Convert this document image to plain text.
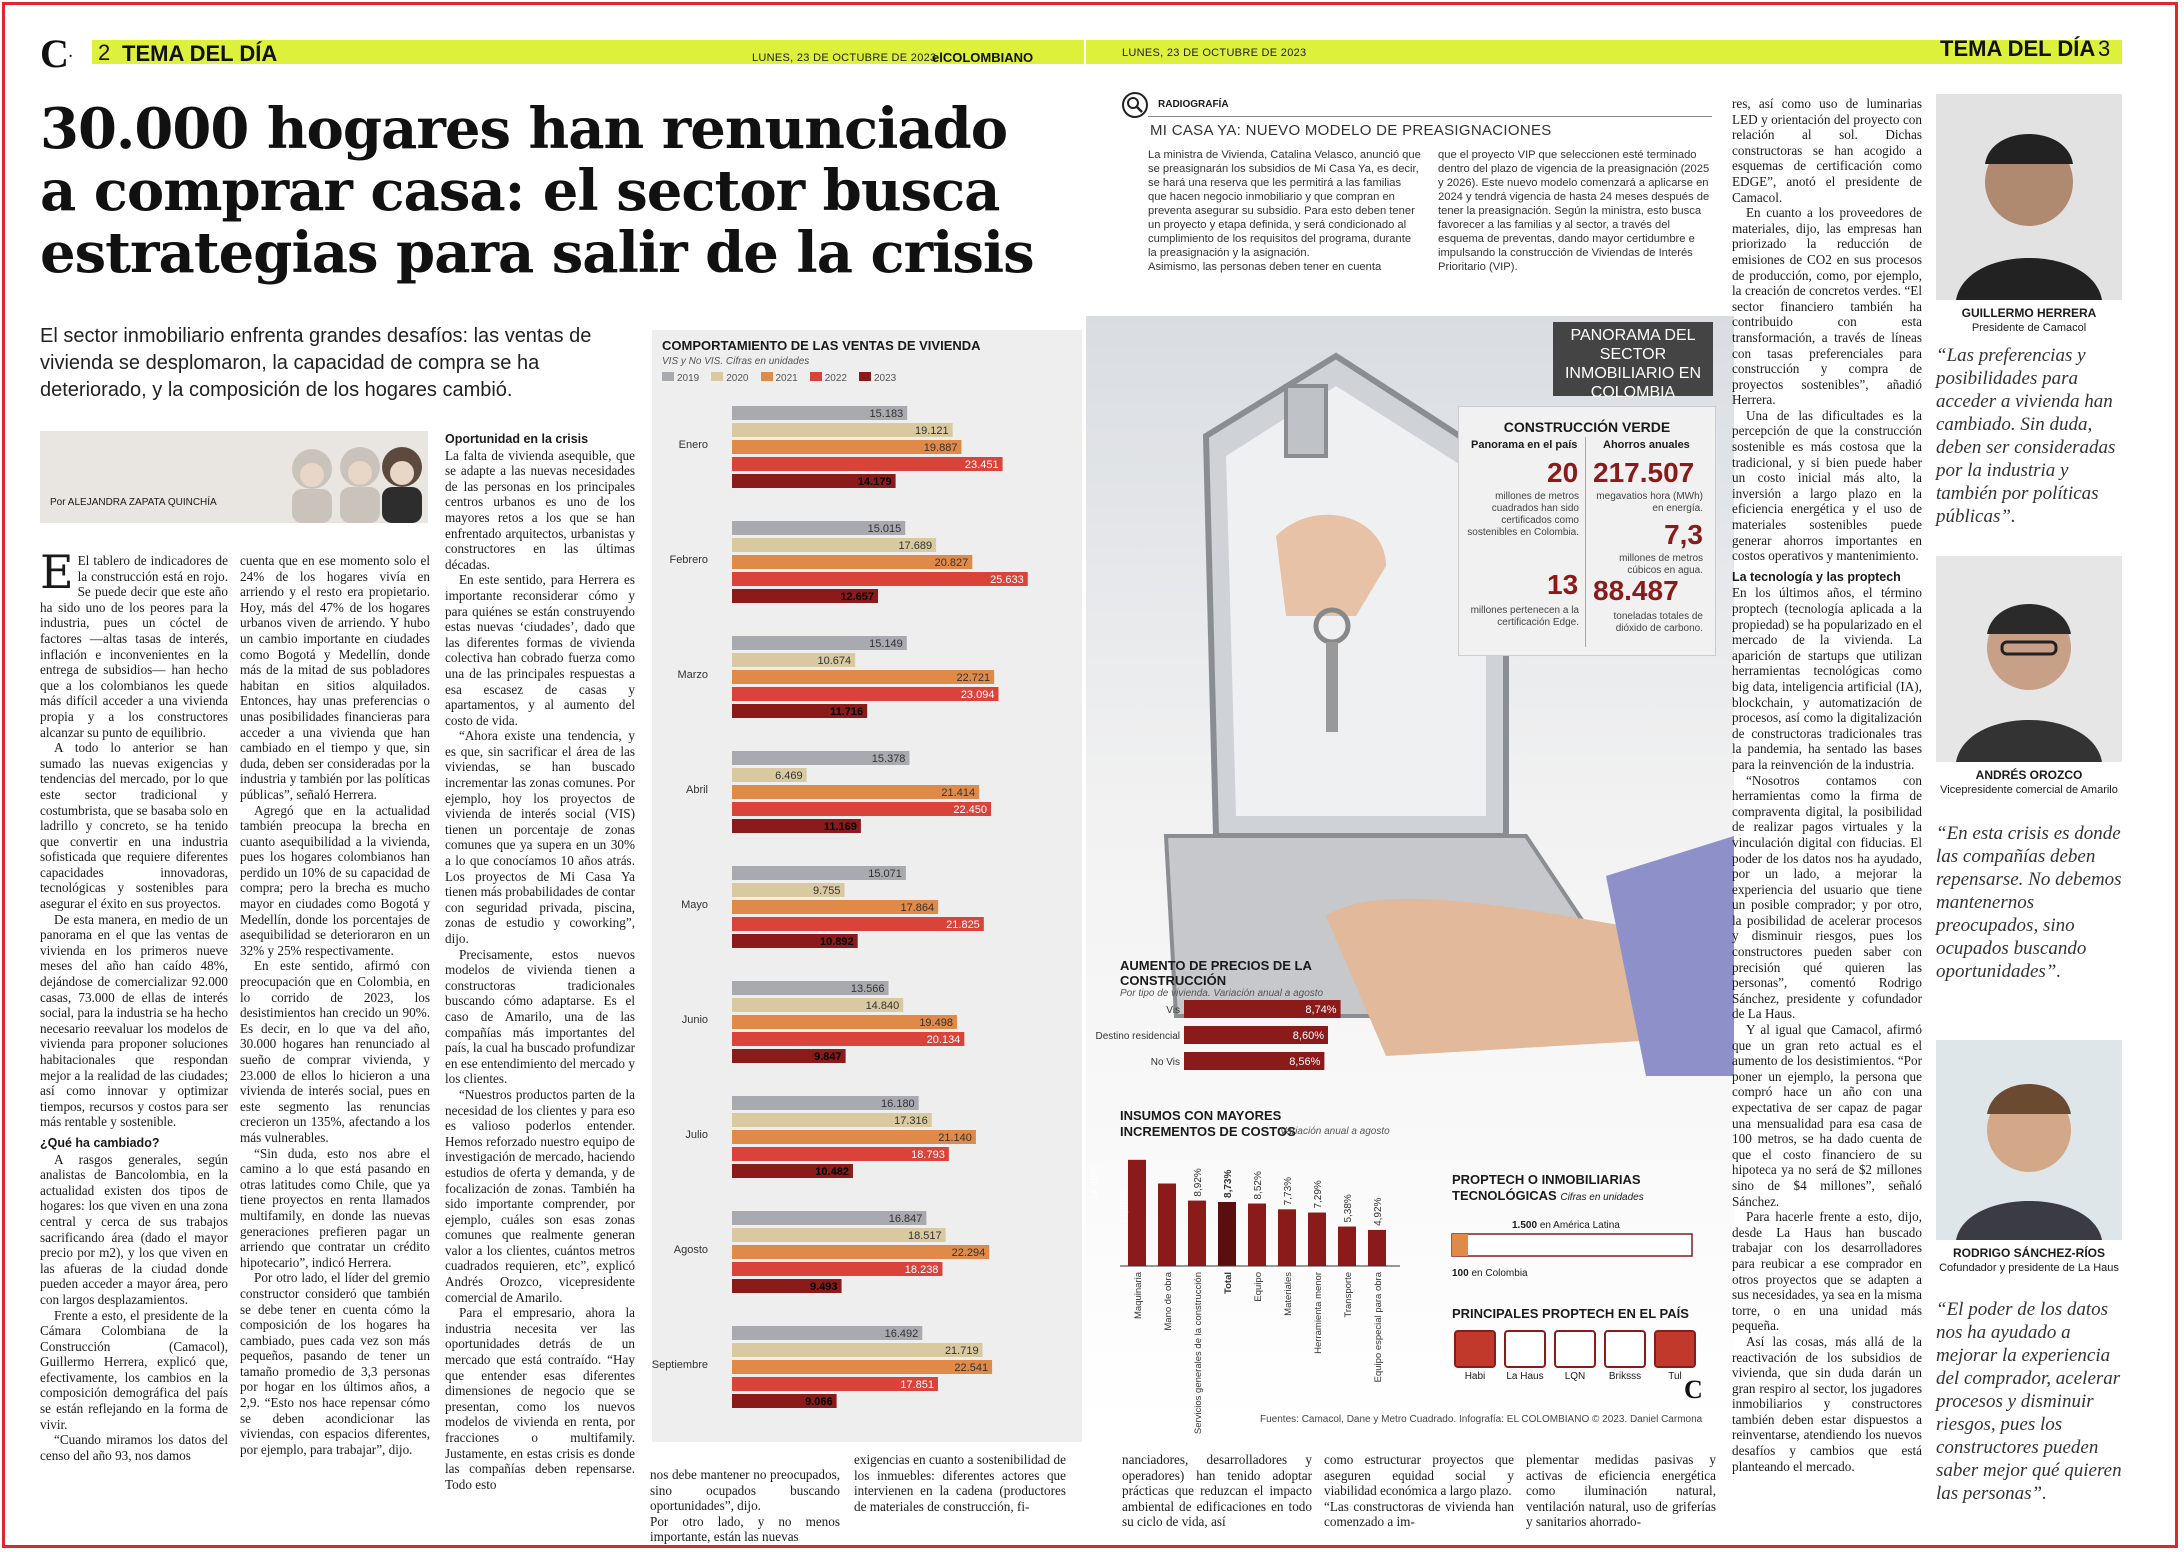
C. 2 TEMA DEL DÍA	LUNES, 23 DE OCTUBRE DE 2023
elCOLOMBIANO
30.000 hogares han renunciado
a comprar casa: el sector busca
estrategias para salir de la crisis
El sector inmobiliario enfrenta grandes desafíos: las ventas de vivienda se desplomaron, la capacidad de compra se ha deteriorado, y la composición de los hogares cambió.
Por ALEJANDRA ZAPATA QUINCHÍA

E El tablero de indicadores de la construcción está en rojo. Se puede decir que este año ha sido uno de los peores para la industria, pues un cóctel de factores —altas tasas de interés, inflación e inconvenientes en la entrega de subsidios— han hecho que a los colombianos les quede más difícil acceder a una vivienda propia y a los constructores alcanzar su punto de equilibrio.

A todo lo anterior se han sumado las nuevas exigencias y tendencias del mercado, por lo que este sector tradicional y costumbrista, que se basaba solo en ladrillo y concreto, se ha tenido que convertir en una industria sofisticada que requiere diferentes capacidades innovadoras, tecnológicas y sostenibles para asegurar el éxito en sus proyectos.

De esta manera, en medio de un panorama en el que las ventas de vivienda en los primeros nueve meses del año han caído 48%, dejándose de comercializar 92.000 casas, 73.000 de ellas de interés social, para la industria se ha hecho necesario reevaluar los modelos de vivienda para proponer soluciones habitacionales que respondan mejor a la realidad de las ciudades; así como innovar y optimizar tiempos, recursos y costos para ser más rentable y sostenible.

¿Qué ha cambiado?

A rasgos generales, según analistas de Bancolombia, en la actualidad existen dos tipos de hogares: los que viven en una zona central y cerca de sus trabajos sacrificando área (dado el mayor precio por m2), y los que viven en las afueras de la ciudad donde pueden acceder a mayor área, pero con largos desplazamientos.

Frente a esto, el presidente de la Cámara Colombiana de la Construcción (Camacol), Guillermo Herrera, explicó que, efectivamente, los cambios en la composición demográfica del país se están reflejando en la forma de vivir.

“Cuando miramos los datos del censo del año 93, nos damos

cuenta que en ese momento solo el 24% de los hogares vivía en arriendo y el resto era propietario. Hoy, más del 47% de los hogares urbanos viven de arriendo. Y hubo un cambio importante en ciudades como Bogotá y Medellín, donde más de la mitad de sus pobladores habitan en sitios alquilados. Entonces, hay unas preferencias o unas posibilidades financieras para acceder a una vivienda que han cambiado en el tiempo y que, sin duda, deben ser consideradas por la industria y también por las políticas públicas”, señaló Herrera.

Agregó que en la actualidad también preocupa la brecha en cuanto asequibilidad a la vivienda, pues los hogares colombianos han perdido un 10% de su capacidad de compra; pero la brecha es mucho mayor en ciudades como Bogotá y Medellín, donde los porcentajes de asequibilidad se deterioraron en un 32% y 25% respectivamente.

En este sentido, afirmó con preocupación que en Colombia, en lo corrido de 2023, los desistimientos han crecido un 90%. Es decir, en lo que va del año, 30.000 hogares han renunciado al sueño de comprar vivienda, y 23.000 de ellos lo hicieron a una vivienda de interés social, pues en este segmento las renuncias crecieron un 135%, afectando a los más vulnerables.

“Sin duda, esto nos abre el camino a lo que está pasando en otras latitudes como Chile, que ya tiene proyectos en renta llamados multifamily, en donde las nuevas generaciones prefieren pagar un arriendo que contratar un crédito hipotecario”, indicó Herrera.

Por otro lado, el líder del gremio constructor consideró que también se debe tener en cuenta cómo la composición de los hogares ha cambiado, pues cada vez son más pequeños, pasando de tener un tamaño promedio de 3,3 personas por hogar en los últimos años, a 2,9. “Esto nos hace repensar cómo se deben acondicionar las viviendas, con espacios diferentes, por ejemplo, para trabajar”, dijo.

Oportunidad en la crisis

La falta de vivienda asequible, que se adapte a las nuevas necesidades de las personas en los principales centros urbanos es uno de los mayores retos a los que se han enfrentado arquitectos, urbanistas y constructores en las últimas décadas.

En este sentido, para Herrera es importante reconsiderar cómo y para quiénes se están construyendo estas nuevas ‘ciudades’, dado que las diferentes formas de vivienda colectiva han cobrado fuerza como una de las principales respuestas a esa escasez de casas y apartamentos, y al aumento del costo de vida.

“Ahora existe una tendencia, y es que, sin sacrificar el área de las viviendas, se han buscado incrementar las zonas comunes. Por ejemplo, hoy los proyectos de vivienda de interés social (VIS) tienen un porcentaje de zonas comunes que ya supera en un 30% a lo que conocíamos 10 años atrás. Los proyectos de Mi Casa Ya tienen más probabilidades de contar con seguridad privada, piscina, zonas de estudio y coworking”, dijo.

Precisamente, estos nuevos modelos de vivienda tienen a constructoras tradicionales buscando cómo adaptarse. Es el caso de Amarilo, una de las compañías más importantes del país, la cual ha buscado profundizar en ese entendimiento del mercado y los clientes.

“Nuestros productos parten de la necesidad de los clientes y para eso es valioso poderlos entender. Hemos reforzado nuestro equipo de investigación de mercado, haciendo estudios de oferta y demanda, y de focalización de zonas. También ha sido importante comprender, por ejemplo, cuáles son esas zonas comunes que realmente generan valor a los clientes, cuántos metros cuadrados requieren, etc”, explicó Andrés Orozco, vicepresidente comercial de Amarilo.

Para el empresario, ahora la industria necesita ver las oportunidades detrás de un mercado que está contraído. “Hay que entender esas diferentes dimensiones de negocio que se presentan, como los nuevos modelos de vivienda en renta, por fracciones o multifamily. Justamente, en estas crisis es donde las compañías deben repensarse. Todo esto

nos debe mantener no preocupados, sino ocupados buscando oportunidades”, dijo.
Por otro lado, y no menos importante, están las nuevas
COMPORTAMIENTO DE LAS VENTAS DE VIVIENDA
VIS y No VIS. Cifras en unidades
2019	2020	2021	2022	2023
Enero
15.183
19.121
19.887
23.451
14.179
Febrero
15.015
17.689
20.827
25.633
12.657
Marzo
15.149
10.674
22.721
23.094
11.716
Abril
15.378
6.469
21.414
22.450
11.169
Mayo
15.071
9.755
17.864
21.825
10.892
Junio
13.566
14.840
19.498
20.134
9.847
Julio
16.180
17.316
21.140
18.793
10.482
Agosto
16.847
18.517
22.294
18.238
9.493
Septiembre
16.492
21.719
22.541
17.851
9.066
LUNES, 23 DE OCTUBRE DE 2023	TEMA DEL DÍA 3
RADIOGRAFÍA
MI CASA YA: NUEVO MODELO DE PREASIGNACIONES
La ministra de Vivienda, Catalina Velasco, anunció que se preasignarán los subsidios de Mi Casa Ya, es decir, se hará una reserva que les permitirá a las familias que hacen negocio inmobiliario y que compran en preventa asegurar su subsidio. Para esto deben tener un proyecto y etapa definida, y será condicionado al cumplimiento de los requisitos del programa, durante la preasignación y la asignación.
Asimismo, las personas deben tener en cuenta
que el proyecto VIP que seleccionen esté terminado dentro del plazo de vigencia de la preasignación (2025 y 2026). Este nuevo modelo comenzará a aplicarse en 2024 y tendrá vigencia de hasta 24 meses después de tener la preasignación. Según la ministra, esto busca favorecer a las familias y al sector, a través del esquema de preventas, dando mayor certidumbre e impulsando la construcción de Viviendas de Interés Prioritario (VIP).
PANORAMA DEL SECTOR INMOBILIARIO EN COLOMBIA
CONSTRUCCIÓN VERDE
Panorama en el país Ahorros anuales
20
millones de metros cuadrados han sido certificados como sostenibles en Colombia.
13
millones pertenecen a la certificación Edge.
217.507
megavatios hora (MWh) en energía.
7,3
millones de metros cúbicos en agua.
88.487
toneladas totales de dióxido de carbono.
AUMENTO DE PRECIOS DE LA CONSTRUCCIÓN
Por tipo de vivienda. Variación anual a agosto
Vis	8,74%
Destino residencial	8,60%
No Vis	8,56%
INSUMOS CON MAYORES INCREMENTOS DE COSTOS
Variación anual a agosto
14,48%
Maquinaria
11,25%
Mano de obra
8,92%
Servicios generales de la construcción
8,73%
Total
8,52%
Equipo
7,73%
Materiales
7,29%
Herramienta menor
5,38%
Transporte
4,92%
Equipo especial para obra
PROPTECH O INMOBILIARIAS TECNOLÓGICAS Cifras en unidades
1.500 en América Latina
100 en Colombia
PRINCIPALES PROPTECH EN EL PAÍS
Habi	La Haus	LQN	Briksss	Tul C
Fuentes: Camacol, Dane y Metro Cuadrado. Infografía: EL COLOMBIANO © 2023. Daniel Carmona
nanciadores, desarrolladores y operadores) han tenido adoptar prácticas que reduzcan el impacto ambiental de edificaciones en todo su ciclo de vida, así
como estructurar proyectos que aseguren equidad social y viabilidad económica a largo plazo.
“Las constructoras de vivienda han comenzado a im-
plementar medidas pasivas y activas de eficiencia energética como iluminación natural, ventilación natural, uso de griferías y sanitarios ahorrado-
exigencias en cuanto a sostenibilidad de los inmuebles: diferentes actores que intervienen en la cadena (productores de materiales de construcción, fi-

res, así como uso de luminarias LED y orientación del proyecto con relación al sol. Dichas constructoras se han acogido a esquemas de certificación como EDGE”, anotó el presidente de Camacol.

En cuanto a los proveedores de materiales, dijo, las empresas han priorizado la reducción de emisiones de CO2 en sus procesos de producción, como, por ejemplo, la creación de concretos verdes. “El sector financiero también ha contribuido con esta transformación, a través de líneas con tasas preferenciales para construcción y compra de proyectos sostenibles”, añadió Herrera.

Una de las dificultades es la percepción de que la construcción sostenible es más costosa que la tradicional, y si bien puede haber un costo inicial más alto, la inversión a largo plazo en la eficiencia energética y el uso de materiales sostenibles puede generar ahorros importantes en costos operativos y mantenimiento.

La tecnología y las proptech

En los últimos años, el término proptech (tecnología aplicada a la propiedad) se ha popularizado en el mercado de la vivienda. La aparición de startups que utilizan herramientas tecnológicas como big data, inteligencia artificial (IA), blockchain, y automatización de procesos, así como la digitalización de constructoras tradicionales tras la pandemia, ha sentado las bases para la reinvención de la industria.

“Nosotros contamos con herramientas como la firma de compraventa digital, la posibilidad de realizar pagos virtuales y la vinculación digital con fiducias. El poder de los datos nos ha ayudado, por un lado, a mejorar la experiencia del usuario que tiene un posible comprador; y por otro, la posibilidad de acelerar procesos y disminuir riesgos, pues los constructores pueden saber con precisión qué quieren las personas”, comentó Rodrigo Sánchez, presidente y cofundador de La Haus.

Y al igual que Camacol, afirmó que un gran reto actual es el aumento de los desistimientos. “Por poner un ejemplo, la persona que compró hace un año con una expectativa de ser capaz de pagar una mensualidad para esa casa de 100 metros, se ha dado cuenta de que el costo financiero de su hipoteca ya no será de $2 millones sino de $4 millones”, señaló Sánchez.

Para hacerle frente a esto, dijo, desde La Haus han buscado trabajar con los desarrolladores para reubicar a ese comprador en otros proyectos que se adapten a sus necesidades, ya sea en la misma torre, o en una unidad más pequeña.

Así las cosas, más allá de la reactivación de los subsidios de vivienda, que sin duda darán un gran respiro al sector, los jugadores inmobiliarios y constructores también deben estar dispuestos a reinventarse, atendiendo los nuevos desafíos y cambios que está planteando el mercado.

GUILLERMO HERRERA
Presidente de Camacol
“Las preferencias y posibilidades para acceder a vivienda han cambiado. Sin duda, deben ser consideradas por la industria y también por políticas públicas”.
ANDRÉS OROZCO
Vicepresidente comercial de Amarilo
“En esta crisis es donde las compañías deben repensarse. No debemos mantenernos preocupados, sino ocupados buscando oportunidades”.
RODRIGO SÁNCHEZ-RÍOS
Cofundador y presidente de La Haus
“El poder de los datos nos ha ayudado a mejorar la experiencia del comprador, acelerar procesos y disminuir riesgos, pues los constructores pueden saber mejor qué quieren las personas”.
